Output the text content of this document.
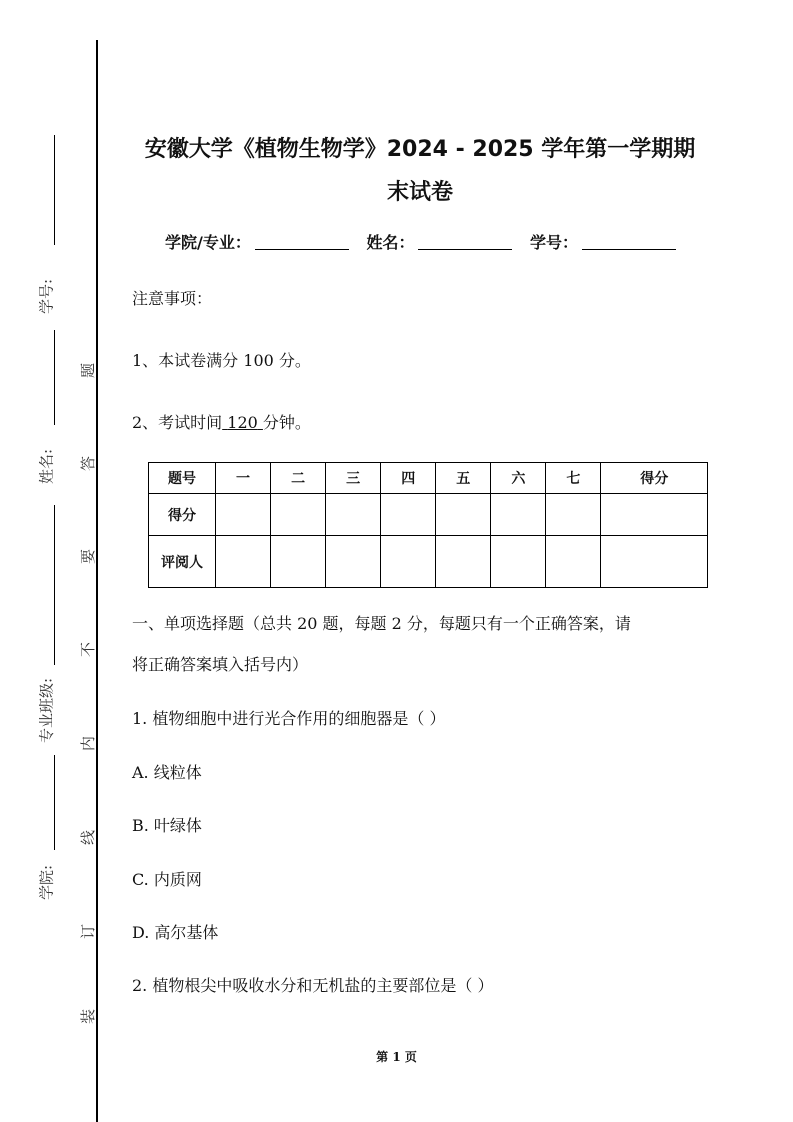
学号:
姓名:
专业班级:
学院:
题
答
要
不
内
线
订
装
安徽大学《植物生物学》2024 - 2025 学年第一学期期
末试卷
学院/专业：	姓名：	学号：
注意事项：
1、本试卷满分 100 分。
2、考试时间 120 分钟。
题号	一	二	三	四	五	六	七	得分
得分								
评阅人								
一、单项选择题（总共 20 题，每题 2 分，每题只有一个正确答案，请
将正确答案填入括号内）
1. 植物细胞中进行光合作用的细胞器是（ ）
A. 线粒体
B. 叶绿体
C. 内质网
D. 高尔基体
2. 植物根尖中吸收水分和无机盐的主要部位是（ ）
第 1 页
